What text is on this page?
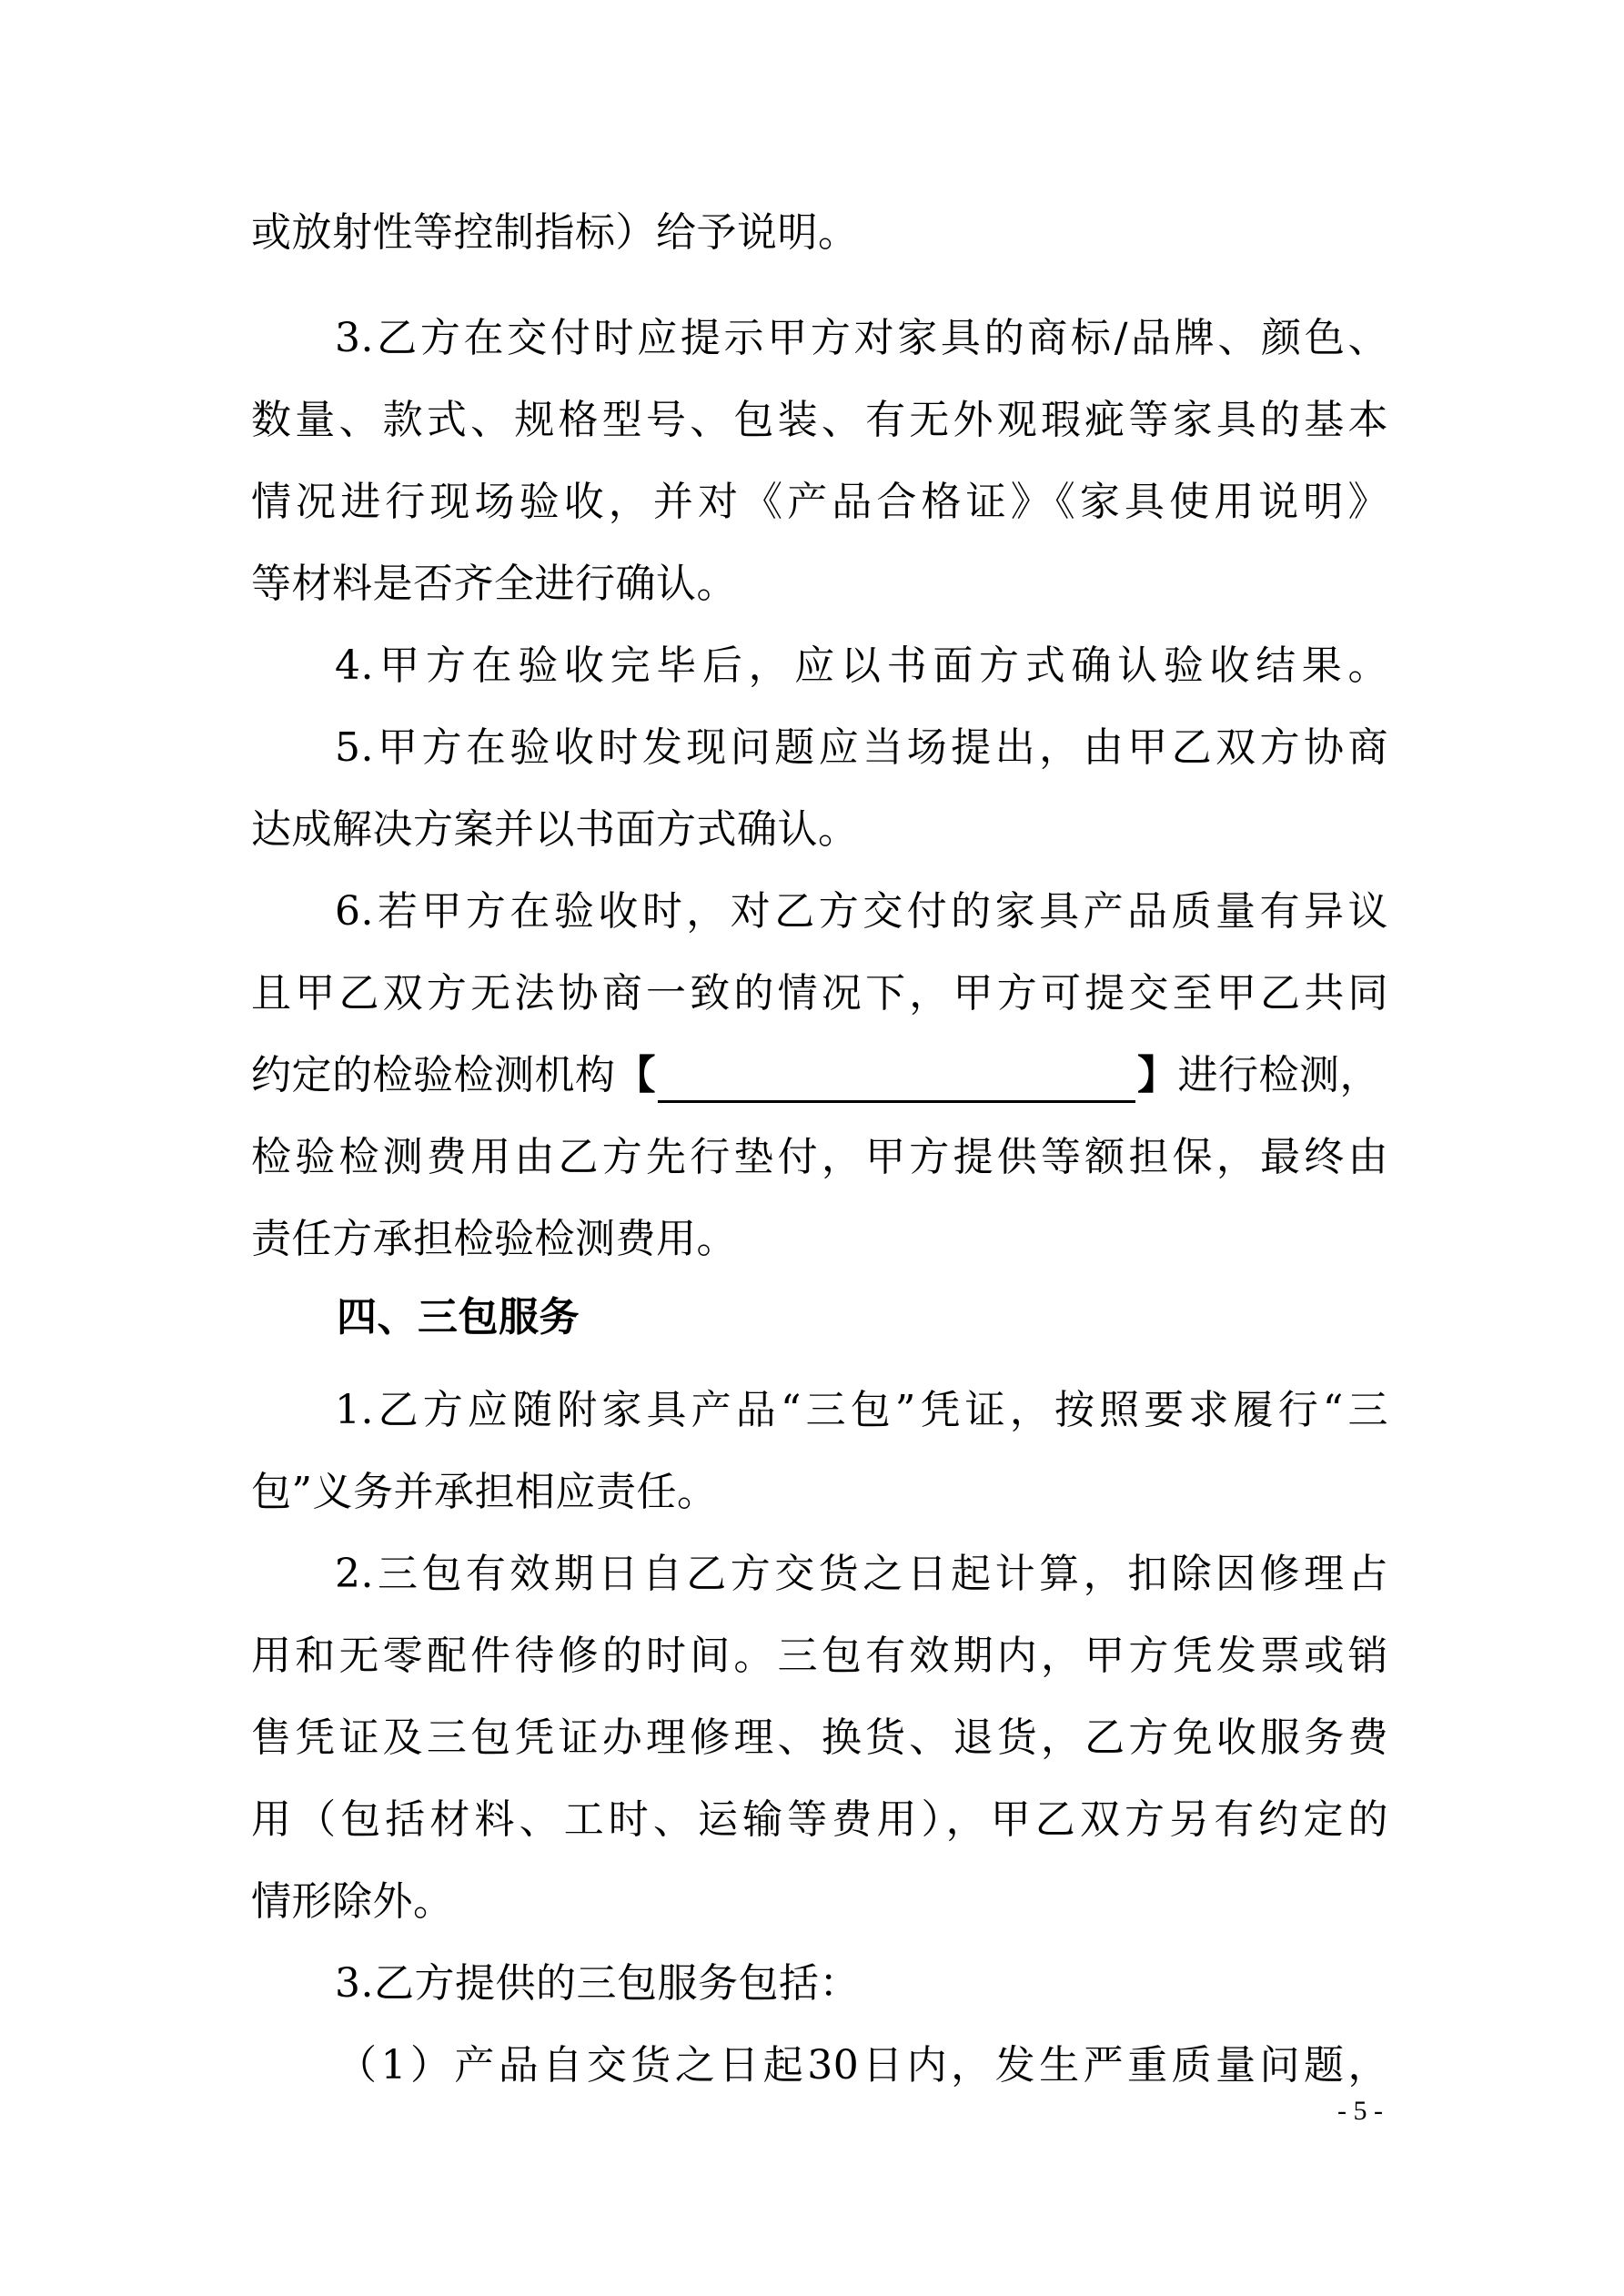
或放射性等控制指标）给予说明。
3.乙方在交付时应提示甲方对家具的商标/品牌、颜色、
数量、款式、规格型号、包装、有无外观瑕疵等家具的基本
情况进行现场验收，并对《产品合格证》《家具使用说明》
等材料是否齐全进行确认。
4.甲方在验收完毕后，应以书面方式确认验收结果。
5.甲方在验收时发现问题应当场提出，由甲乙双方协商
达成解决方案并以书面方式确认。
6.若甲方在验收时，对乙方交付的家具产品质量有异议
且甲乙双方无法协商一致的情况下，甲方可提交至甲乙共同
约定的检验检测机构【	】进行检测，
检验检测费用由乙方先行垫付，甲方提供等额担保，最终由
责任方承担检验检测费用。
四、三包服务
1.乙方应随附家具产品“三包”凭证，按照要求履行“三
包”义务并承担相应责任。
2.三包有效期日自乙方交货之日起计算，扣除因修理占
用和无零配件待修的时间。三包有效期内，甲方凭发票或销
售凭证及三包凭证办理修理、换货、退货，乙方免收服务费
用（包括材料、工时、运输等费用），甲乙双方另有约定的
情形除外。
3.乙方提供的三包服务包括：
（1）产品自交货之日起30日内，发生严重质量问题，
- 5 -
